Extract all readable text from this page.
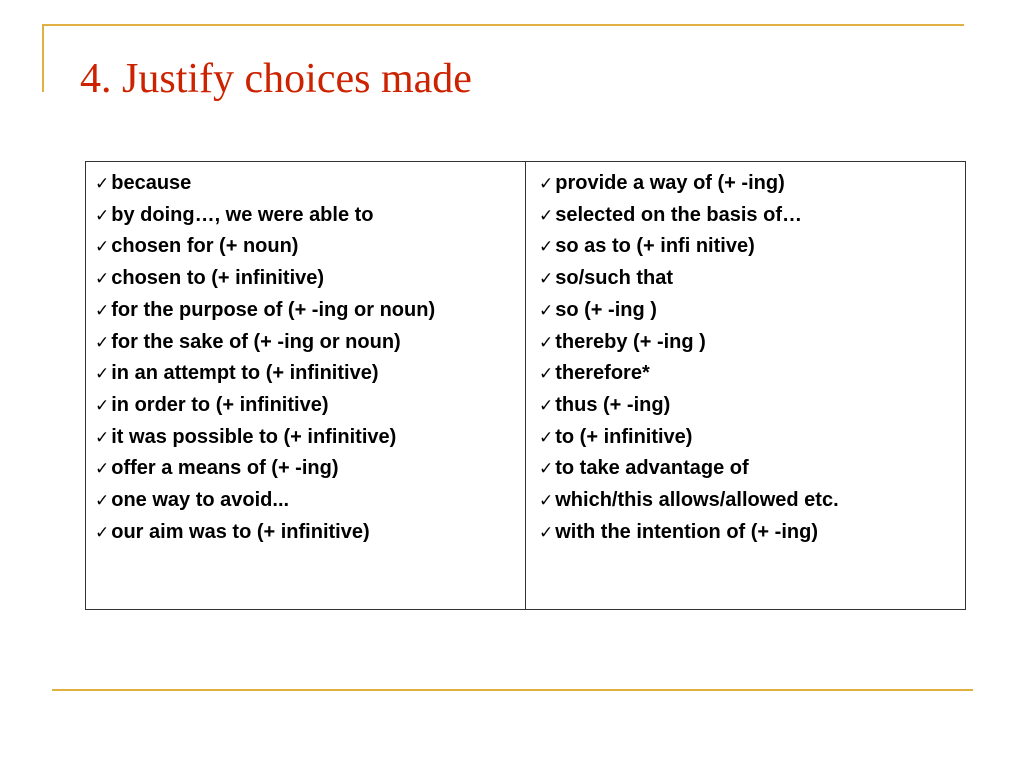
4. Justify choices made
✓ because
✓ by doing…, we were able to
✓ chosen for (+ noun)
✓ chosen to (+ infinitive)
✓ for the purpose of (+ -ing or noun)
✓ for the sake of (+ -ing or noun)
✓ in an attempt to (+ infinitive)
✓ in order to (+ infinitive)
✓ it was possible to (+ infinitive)
✓ offer a means of (+ -ing)
✓ one way to avoid...
✓ our aim was to (+ infinitive)
✓ provide a way of (+ -ing)
✓ selected on the basis of…
✓ so as to (+ infi nitive)
✓ so/such that
✓ so (+ -ing )
✓ thereby (+ -ing )
✓ therefore*
✓ thus (+ -ing)
✓ to (+ infinitive)
✓ to take advantage of
✓ which/this allows/allowed etc.
✓ with the intention of (+ -ing)
